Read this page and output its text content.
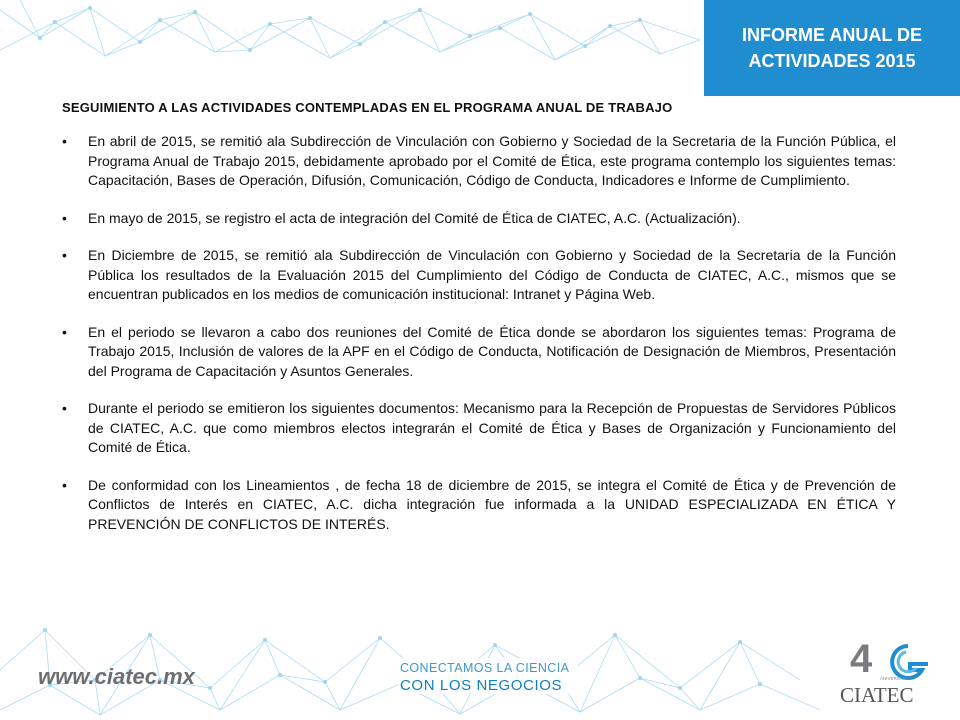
INFORME ANUAL DE
ACTIVIDADES 2015
SEGUIMIENTO A LAS ACTIVIDADES CONTEMPLADAS EN EL PROGRAMA ANUAL DE TRABAJO
• En abril de 2015, se remitió ala Subdirección de Vinculación con Gobierno y Sociedad de la Secretaria de la Función Pública, el Programa Anual de Trabajo 2015, debidamente aprobado por el Comité de Ética, este programa contemplo los siguientes temas: Capacitación, Bases de Operación, Difusión, Comunicación, Código de Conducta, Indicadores e Informe de Cumplimiento.
• En mayo de 2015, se registro el acta de integración del Comité de Ética de CIATEC, A.C. (Actualización).
• En Diciembre de 2015, se remitió ala Subdirección de Vinculación con Gobierno y Sociedad de la Secretaria de la Función Pública los resultados de la Evaluación 2015 del Cumplimiento del Código de Conducta de CIATEC, A.C., mismos que se encuentran publicados en los medios de comunicación institucional: Intranet y Página Web.
• En el periodo se llevaron a cabo dos reuniones del Comité de Ética donde se abordaron los siguientes temas: Programa de Trabajo 2015, Inclusión de valores de la APF en el Código de Conducta, Notificación de Designación de Miembros, Presentación del Programa de Capacitación y Asuntos Generales.
• Durante el periodo se emitieron los siguientes documentos: Mecanismo para la Recepción de Propuestas de Servidores Públicos de CIATEC, A.C. que como miembros electos integrarán el Comité de Ética y Bases de Organización y Funcionamiento del Comité de Ética.
• De conformidad con los Lineamientos , de fecha 18 de diciembre de 2015, se integra el Comité de Ética y de Prevención de Conflictos de Interés en CIATEC, A.C. dicha integración fue informada a la UNIDAD ESPECIALIZADA EN ÉTICA Y PREVENCIÓN DE CONFLICTOS DE INTERÉS.
www.ciatec.mx	CONECTAMOS LA CIENCIA
CON LOS NEGOCIOS
4 ANIVERSARIO
CIATEC
